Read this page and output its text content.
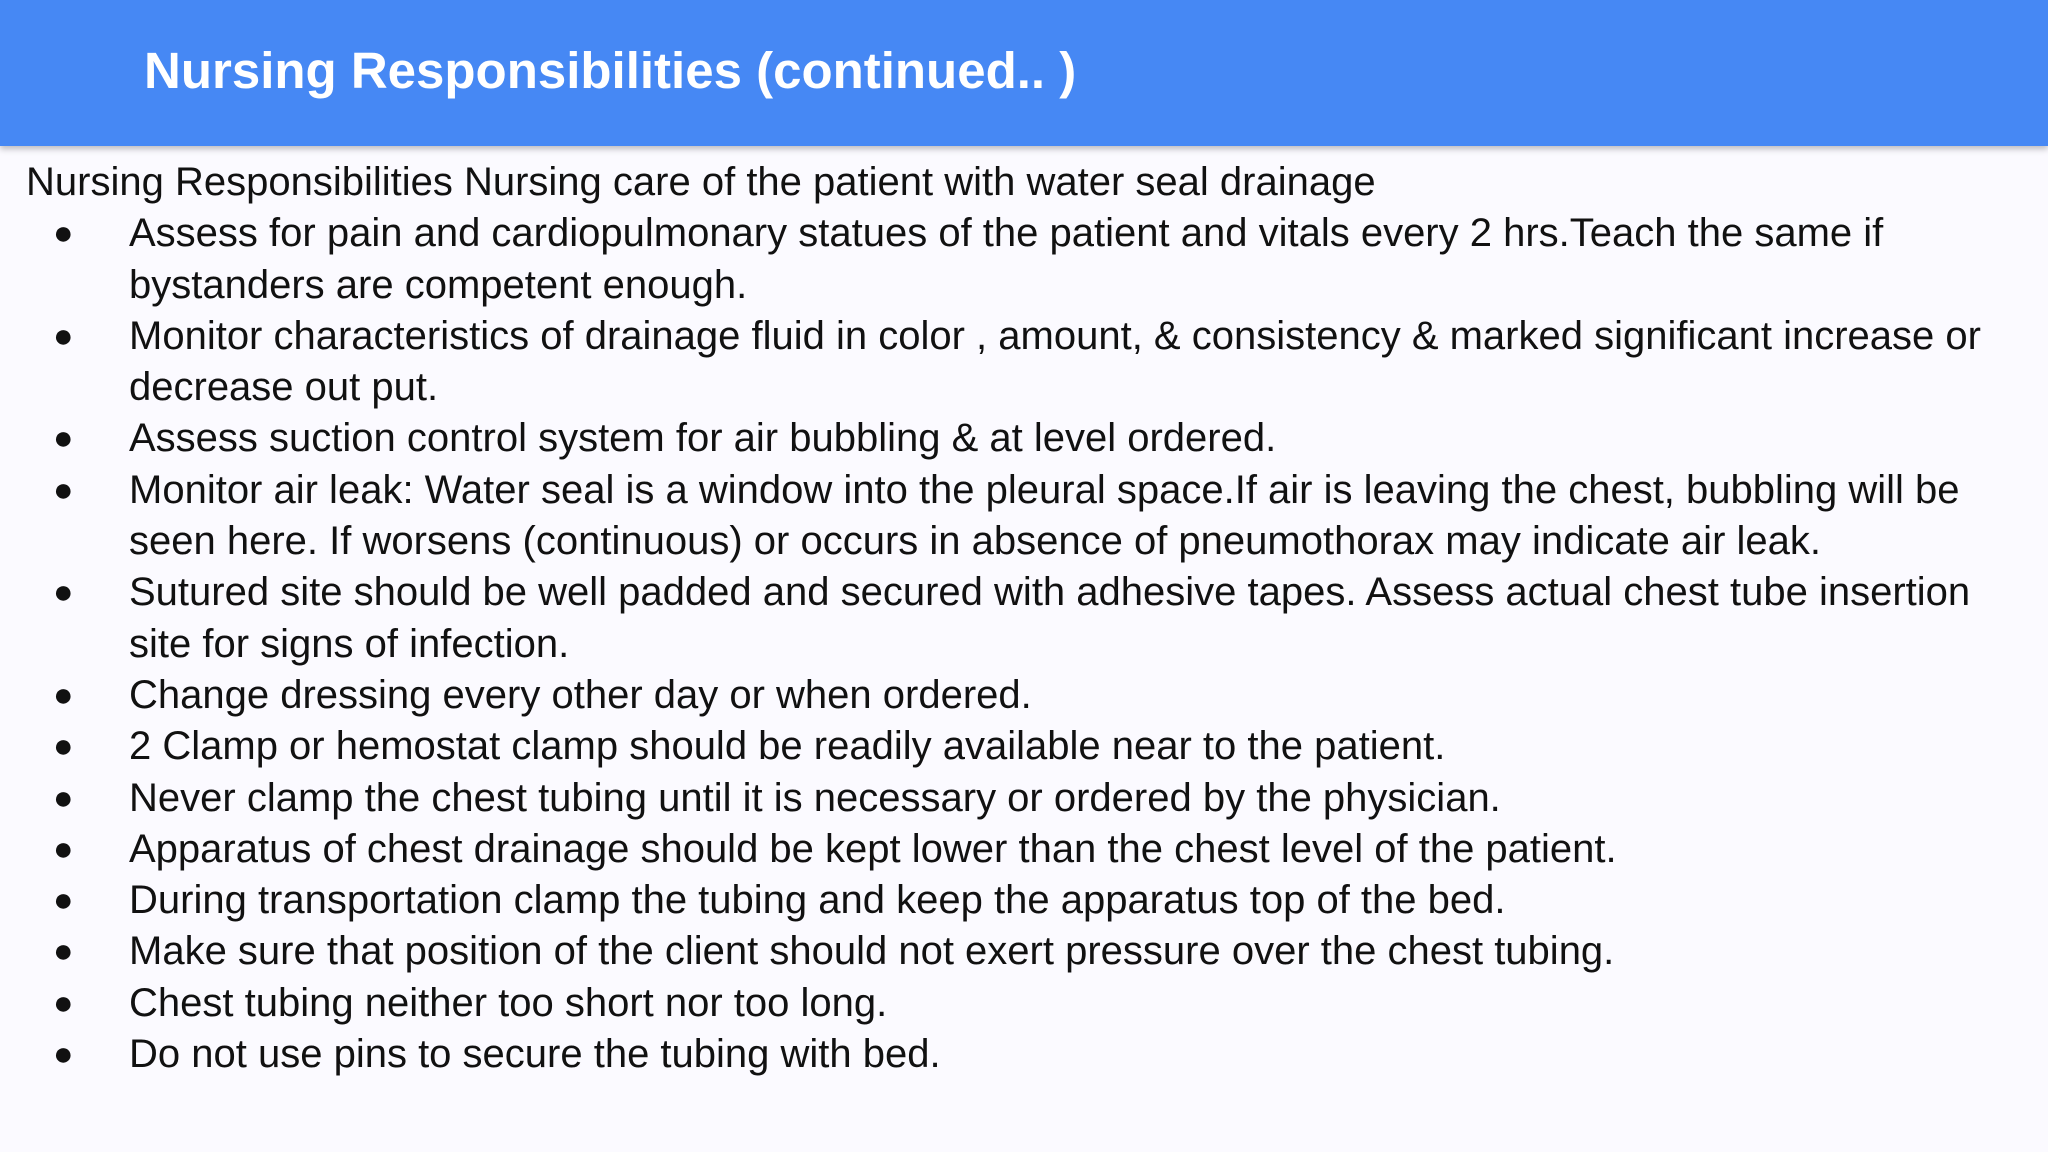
Nursing Responsibilities (continued.. )

Nursing Responsibilities Nursing care of the patient with water seal drainage

● Assess for pain and cardiopulmonary statues of the patient and vitals every 2 hrs.Teach the same if bystanders are competent enough.
● Monitor characteristics of drainage fluid in color , amount, & consistency & marked significant increase or decrease out put.
● Assess suction control system for air bubbling & at level ordered.
● Monitor air leak: Water seal is a window into the pleural space.If air is leaving the chest, bubbling will be seen here. If worsens (continuous) or occurs in absence of pneumothorax may indicate air leak.
● Sutured site should be well padded and secured with adhesive tapes. Assess actual chest tube insertion site for signs of infection.
● Change dressing every other day or when ordered.
● 2 Clamp or hemostat clamp should be readily available near to the patient.
● Never clamp the chest tubing until it is necessary or ordered by the physician.
● Apparatus of chest drainage should be kept lower than the chest level of the patient.
● During transportation clamp the tubing and keep the apparatus top of the bed.
● Make sure that position of the client should not exert pressure over the chest tubing.
● Chest tubing neither too short nor too long.
● Do not use pins to secure the tubing with bed.
